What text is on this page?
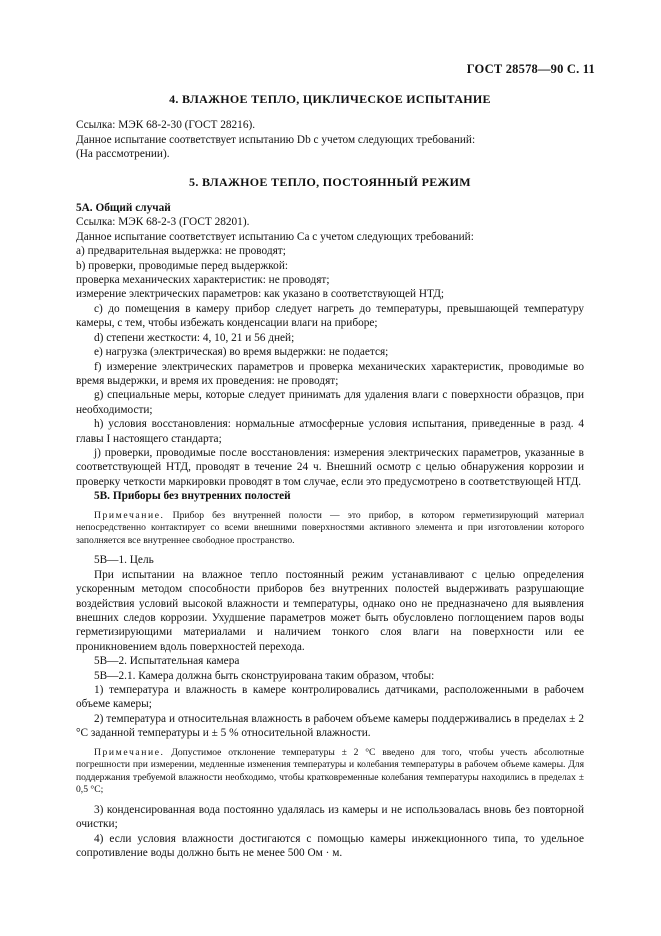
ГОСТ 28578—90 С. 11

4. ВЛАЖНОЕ ТЕПЛО, ЦИКЛИЧЕСКОЕ ИСПЫТАНИЕ

Ссылка: МЭК 68-2-30 (ГОСТ 28216).

Данное испытание соответствует испытанию Db с учетом следующих требований:

(На рассмотрении).

5. ВЛАЖНОЕ ТЕПЛО, ПОСТОЯННЫЙ РЕЖИМ

5А. Общий случай

Ссылка: МЭК 68-2-3 (ГОСТ 28201).

Данное испытание соответствует испытанию Са с учетом следующих требований:

а) предварительная выдержка: не проводят;

b) проверки, проводимые перед выдержкой:

проверка механических характеристик: не проводят;

измерение электрических параметров: как указано в соответствующей НТД;

с) до помещения в камеру прибор следует нагреть до температуры, превышающей температуру камеры, с тем, чтобы избежать конденсации влаги на приборе;

d) степени жесткости: 4, 10, 21 и 56 дней;

е) нагрузка (электрическая) во время выдержки: не подается;

f) измерение электрических параметров и проверка механических характеристик, проводимые во время выдержки, и время их проведения: не проводят;

g) специальные меры, которые следует принимать для удаления влаги с поверхности образцов, при необходимости;

h) условия восстановления: нормальные атмосферные условия испытания, приведенные в разд. 4 главы I настоящего стандарта;

j) проверки, проводимые после восстановления: измерения электрических параметров, указанные в соответствующей НТД, проводят в течение 24 ч. Внешний осмотр с целью обнаружения коррозии и проверку четкости маркировки проводят в том случае, если это предусмотрено в соответствующей НТД.

5В. Приборы без внутренних полостей

Примечание. Прибор без внутренней полости — это прибор, в котором герметизирующий материал непосредственно контактирует со всеми внешними поверхностями активного элемента и при изготовлении которого заполняется все внутреннее свободное пространство.

5В—1. Цель

При испытании на влажное тепло постоянный режим устанавливают с целью определения ускоренным методом способности приборов без внутренних полостей выдерживать разрушающие воздействия условий высокой влажности и температуры, однако оно не предназначено для выявления внешних следов коррозии. Ухудшение параметров может быть обусловлено поглощением паров воды герметизирующими материалами и наличием тонкого слоя влаги на поверхности или ее проникновением вдоль поверхностей перехода.

5В—2. Испытательная камера

5В—2.1. Камера должна быть сконструирована таким образом, чтобы:

1) температура и влажность в камере контролировались датчиками, расположенными в рабочем объеме камеры;

2) температура и относительная влажность в рабочем объеме камеры поддерживались в пределах ± 2 °С заданной температуры и ± 5 % относительной влажности.

Примечание. Допустимое отклонение температуры ± 2 °С введено для того, чтобы учесть абсолютные погрешности при измерении, медленные изменения температуры и колебания температуры в рабочем объеме камеры. Для поддержания требуемой влажности необходимо, чтобы кратковременные колебания температуры находились в пределах ± 0,5 °С;

3) конденсированная вода постоянно удалялась из камеры и не использовалась вновь без повторной очистки;

4) если условия влажности достигаются с помощью камеры инжекционного типа, то удельное сопротивление воды должно быть не менее 500 Ом · м.
